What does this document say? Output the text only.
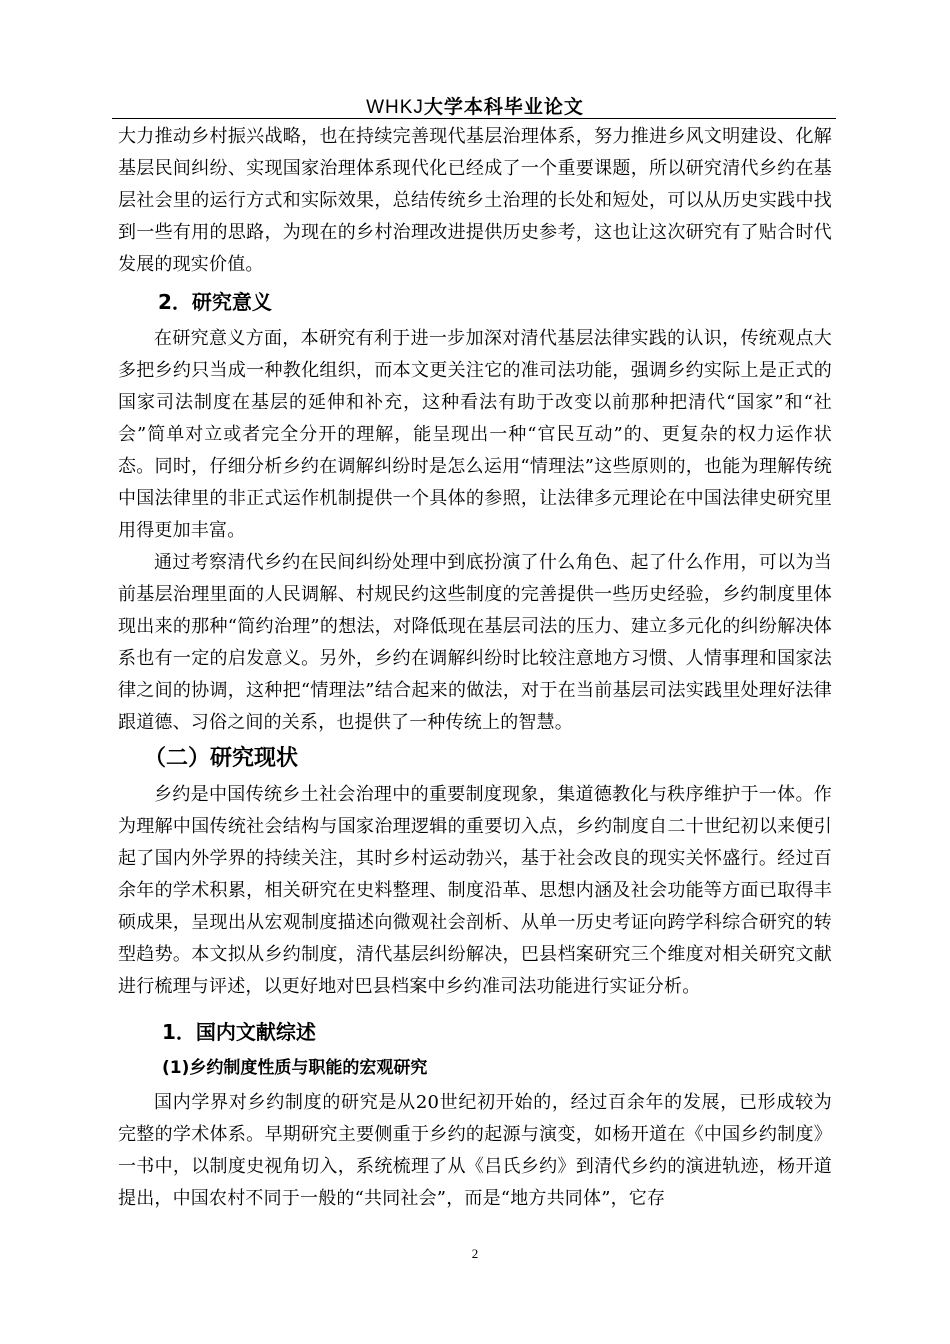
WHKJ大学本科毕业论文

大力推动乡村振兴战略，也在持续完善现代基层治理体系，努力推进乡风文明建设、化解基层民间纠纷、实现国家治理体系现代化已经成了一个重要课题，所以研究清代乡约在基层社会里的运行方式和实际效果，总结传统乡土治理的长处和短处，可以从历史实践中找到一些有用的思路，为现在的乡村治理改进提供历史参考，这也让这次研究有了贴合时代发展的现实价值。

2．研究意义

在研究意义方面，本研究有利于进一步加深对清代基层法律实践的认识，传统观点大多把乡约只当成一种教化组织，而本文更关注它的准司法功能，强调乡约实际上是正式的国家司法制度在基层的延伸和补充，这种看法有助于改变以前那种把清代“国家”和“社会”简单对立或者完全分开的理解，能呈现出一种“官民互动”的、更复杂的权力运作状态。同时，仔细分析乡约在调解纠纷时是怎么运用“情理法”这些原则的，也能为理解传统中国法律里的非正式运作机制提供一个具体的参照，让法律多元理论在中国法律史研究里用得更加丰富。

通过考察清代乡约在民间纠纷处理中到底扮演了什么角色、起了什么作用，可以为当前基层治理里面的人民调解、村规民约这些制度的完善提供一些历史经验，乡约制度里体现出来的那种“简约治理”的想法，对降低现在基层司法的压力、建立多元化的纠纷解决体系也有一定的启发意义。另外，乡约在调解纠纷时比较注意地方习惯、人情事理和国家法律之间的协调，这种把“情理法”结合起来的做法，对于在当前基层司法实践里处理好法律跟道德、习俗之间的关系，也提供了一种传统上的智慧。

（二）研究现状

乡约是中国传统乡土社会治理中的重要制度现象，集道德教化与秩序维护于一体。作为理解中国传统社会结构与国家治理逻辑的重要切入点，乡约制度自二十世纪初以来便引起了国内外学界的持续关注，其时乡村运动勃兴，基于社会改良的现实关怀盛行。经过百余年的学术积累，相关研究在史料整理、制度沿革、思想内涵及社会功能等方面已取得丰硕成果，呈现出从宏观制度描述向微观社会剖析、从单一历史考证向跨学科综合研究的转型趋势。本文拟从乡约制度，清代基层纠纷解决，巴县档案研究三个维度对相关研究文献进行梳理与评述，以更好地对巴县档案中乡约准司法功能进行实证分析。

1．国内文献综述
(1)乡约制度性质与职能的宏观研究

国内学界对乡约制度的研究是从20世纪初开始的，经过百余年的发展，已形成较为完整的学术体系。早期研究主要侧重于乡约的起源与演变，如杨开道在《中国乡约制度》一书中，以制度史视角切入，系统梳理了从《吕氏乡约》到清代乡约的演进轨迹，杨开道提出，中国农村不同于一般的“共同社会”，而是“地方共同体”，它存

2
